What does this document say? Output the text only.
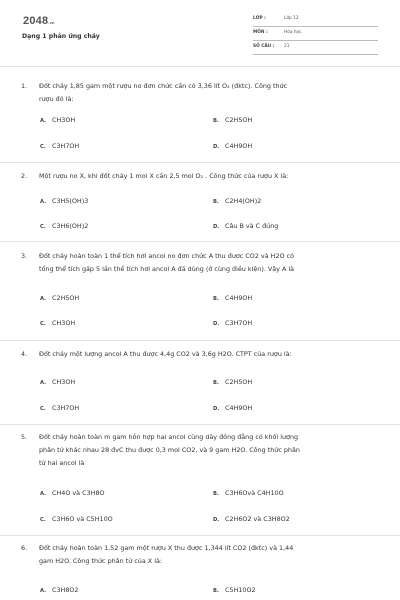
2048.vn
Dạng 1 phản ứng cháy
LỚP :	Lớp 12
MÔN :	Hóa học
SỐ CÂU : 21
1. Đốt cháy 1,85 gam một rượu no đơn chức cần có 3,36 lít O₂ (đktc). Công thức
rượu đó là:
A. CH3OH	B. C2H5OH
C. C3H7OH	D. C4H9OH
2. Một rượu no X, khi đốt cháy 1 mol X cần 2,5 mol O₂ . Công thức của rượu X là:
A. C3H5(OH)3	B. C2H4(OH)2
C. C3H6(OH)2	D. Câu B và C đúng
3. Đốt cháy hoàn toàn 1 thể tích hơi ancol no đơn chức A thu được CO2 và H2O có
tổng thể tích gấp 5 lần thể tích hơi ancol A đã dùng (ở cùng điều kiện). Vậy A là
A. C2H5OH	B. C4H9OH
C. CH3OH	D. C3H7OH
4. Đốt cháy một lượng ancol A thu được 4,4g CO2 và 3,6g H2O. CTPT của rượu là:
A. CH3OH	B. C2H5OH
C. C3H7OH	D. C4H9OH
5. Đốt cháy hoàn toàn m gam hỗn hợp hai ancol cùng dãy đồng đẳng có khối lượng
phân tử khác nhau 28 đvC thu được 0,3 mol CO2, và 9 gam H2O. Công thức phân
tử hai ancol là
A. CH4O và C3H8O	B. C3H6Ovà C4H10O
C. C3H6O và C5H10O	D. C2H6O2 và C3H8O2
6. Đốt cháy hoàn toàn 1,52 gam một rượu X thu được 1,344 lít CO2 (đktc) và 1,44
gam H2O. Công thức phân tử của X là:
A. C3H8O2	B. C5H10O2
